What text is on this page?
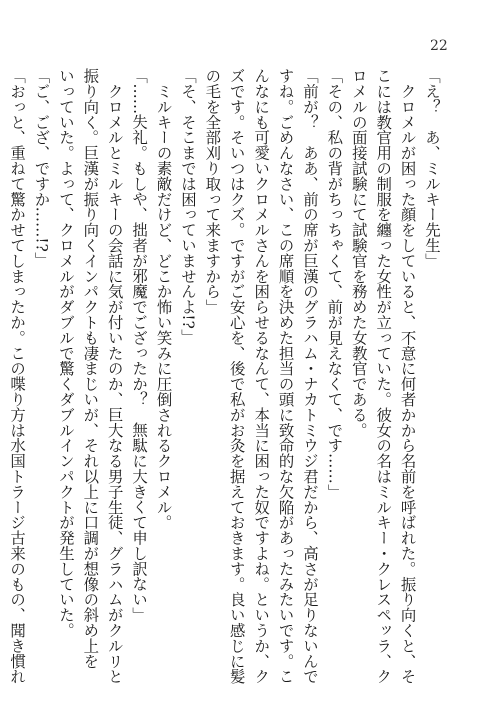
22
「え？　あ、ミルキー先生」
　クロメルが困った顔をしていると、不意に何者かから名前を呼ばれた。振り向くと、そ
こには教官用の制服を纏った女性が立っていた。彼女の名はミルキー・クレスペッラ、ク
ロメルの面接試験にて試験官を務めた女教官である。
「その、私の背がちっちゃくて、前が見えなくて、です……」
「前が？　ああ、前の席が巨漢のグラハム・ナカトミウジ君だから、高さが足りないんで
すね。ごめんなさい、この席順を決めた担当の頭に致命的な欠陥があったみたいです。こ
んなにも可愛いクロメルさんを困らせるなんて、本当に困った奴ですよね。というか、ク
ズです。そいつはクズ。ですがご安心を、後で私がお灸を据えておきます。良い感じに髪
の毛を全部刈り取って来ますから」
「そ、そこまでは困っていませんよ!?」
　ミルキーの素敵だけど、どこか怖い笑みに圧倒されるクロメル。
「……失礼。もしや、拙者が邪魔でござったか？　無駄に大きくて申し訳ない」
　クロメルとミルキーの会話に気が付いたのか、巨大なる男子生徒、グラハムがクルリと
振り向く。巨漢が振り向くインパクトも凄まじいが、それ以上に口調が想像の斜め上を
いっていた。よって、クロメルがダブルで驚くダブルインパクトが発生していた。
「ご、ござ、ですか……!?」
「おっと、重ねて驚かせてしまったか。この喋り方は水国トラージ古来のもの、聞き慣れ
